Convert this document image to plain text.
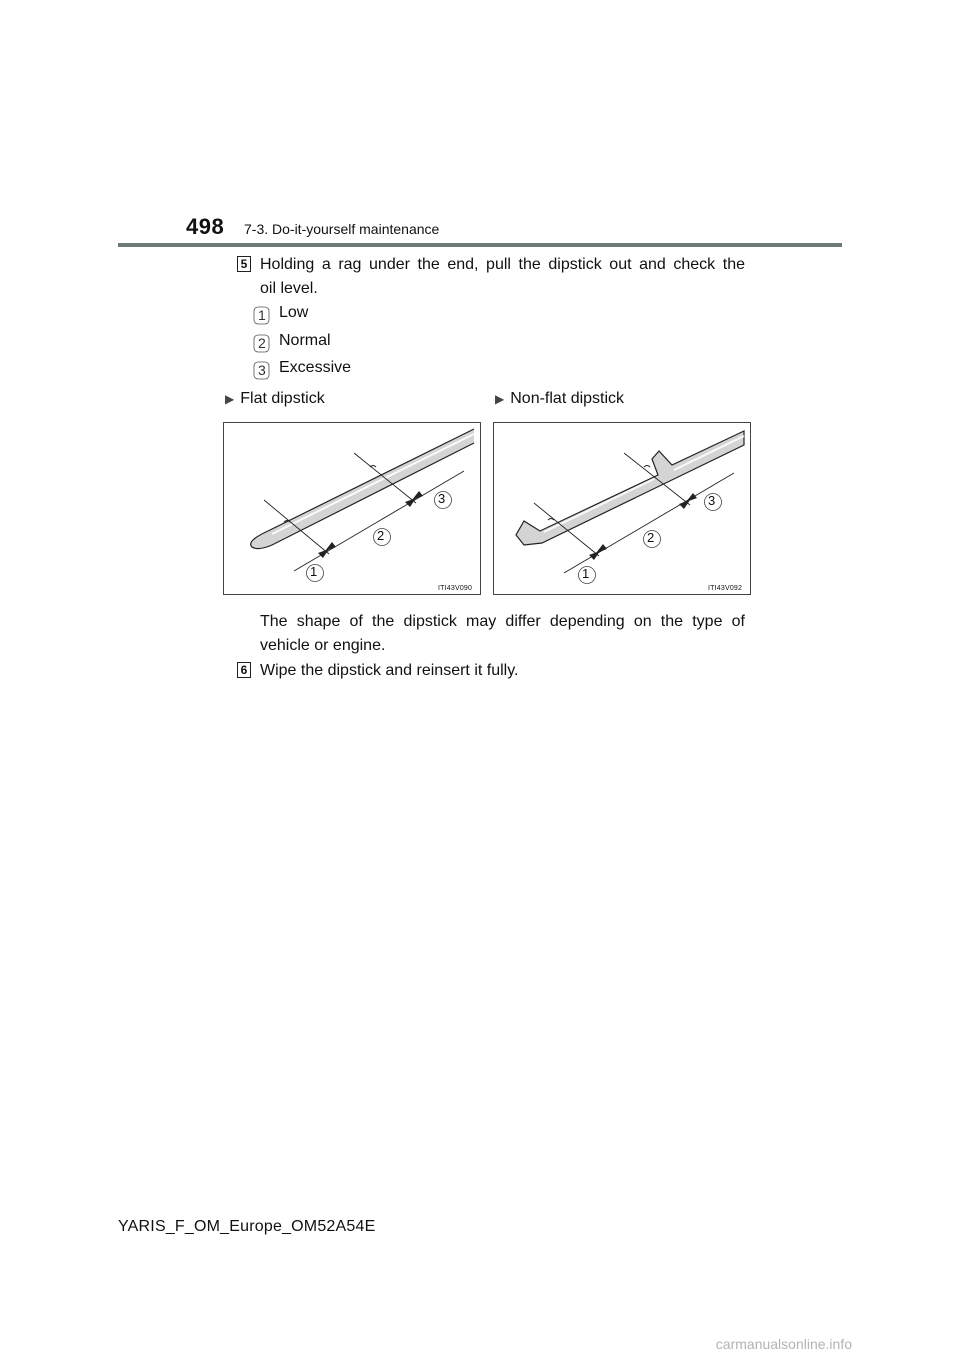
498 7-3. Do-it-yourself maintenance
5 Holding a rag under the end, pull the dipstick out and check the
oil level.
1 Low
2 Normal
3 Excessive
▶ Flat dipstick	▶ Non-flat dipstick
1
2
3
ITI43V090
1
2
3
ITI43V092
The shape of the dipstick may differ depending on the type of
vehicle or engine.
6 Wipe the dipstick and reinsert it fully.
YARIS_F_OM_Europe_OM52A54E
carmanualsonline.info
